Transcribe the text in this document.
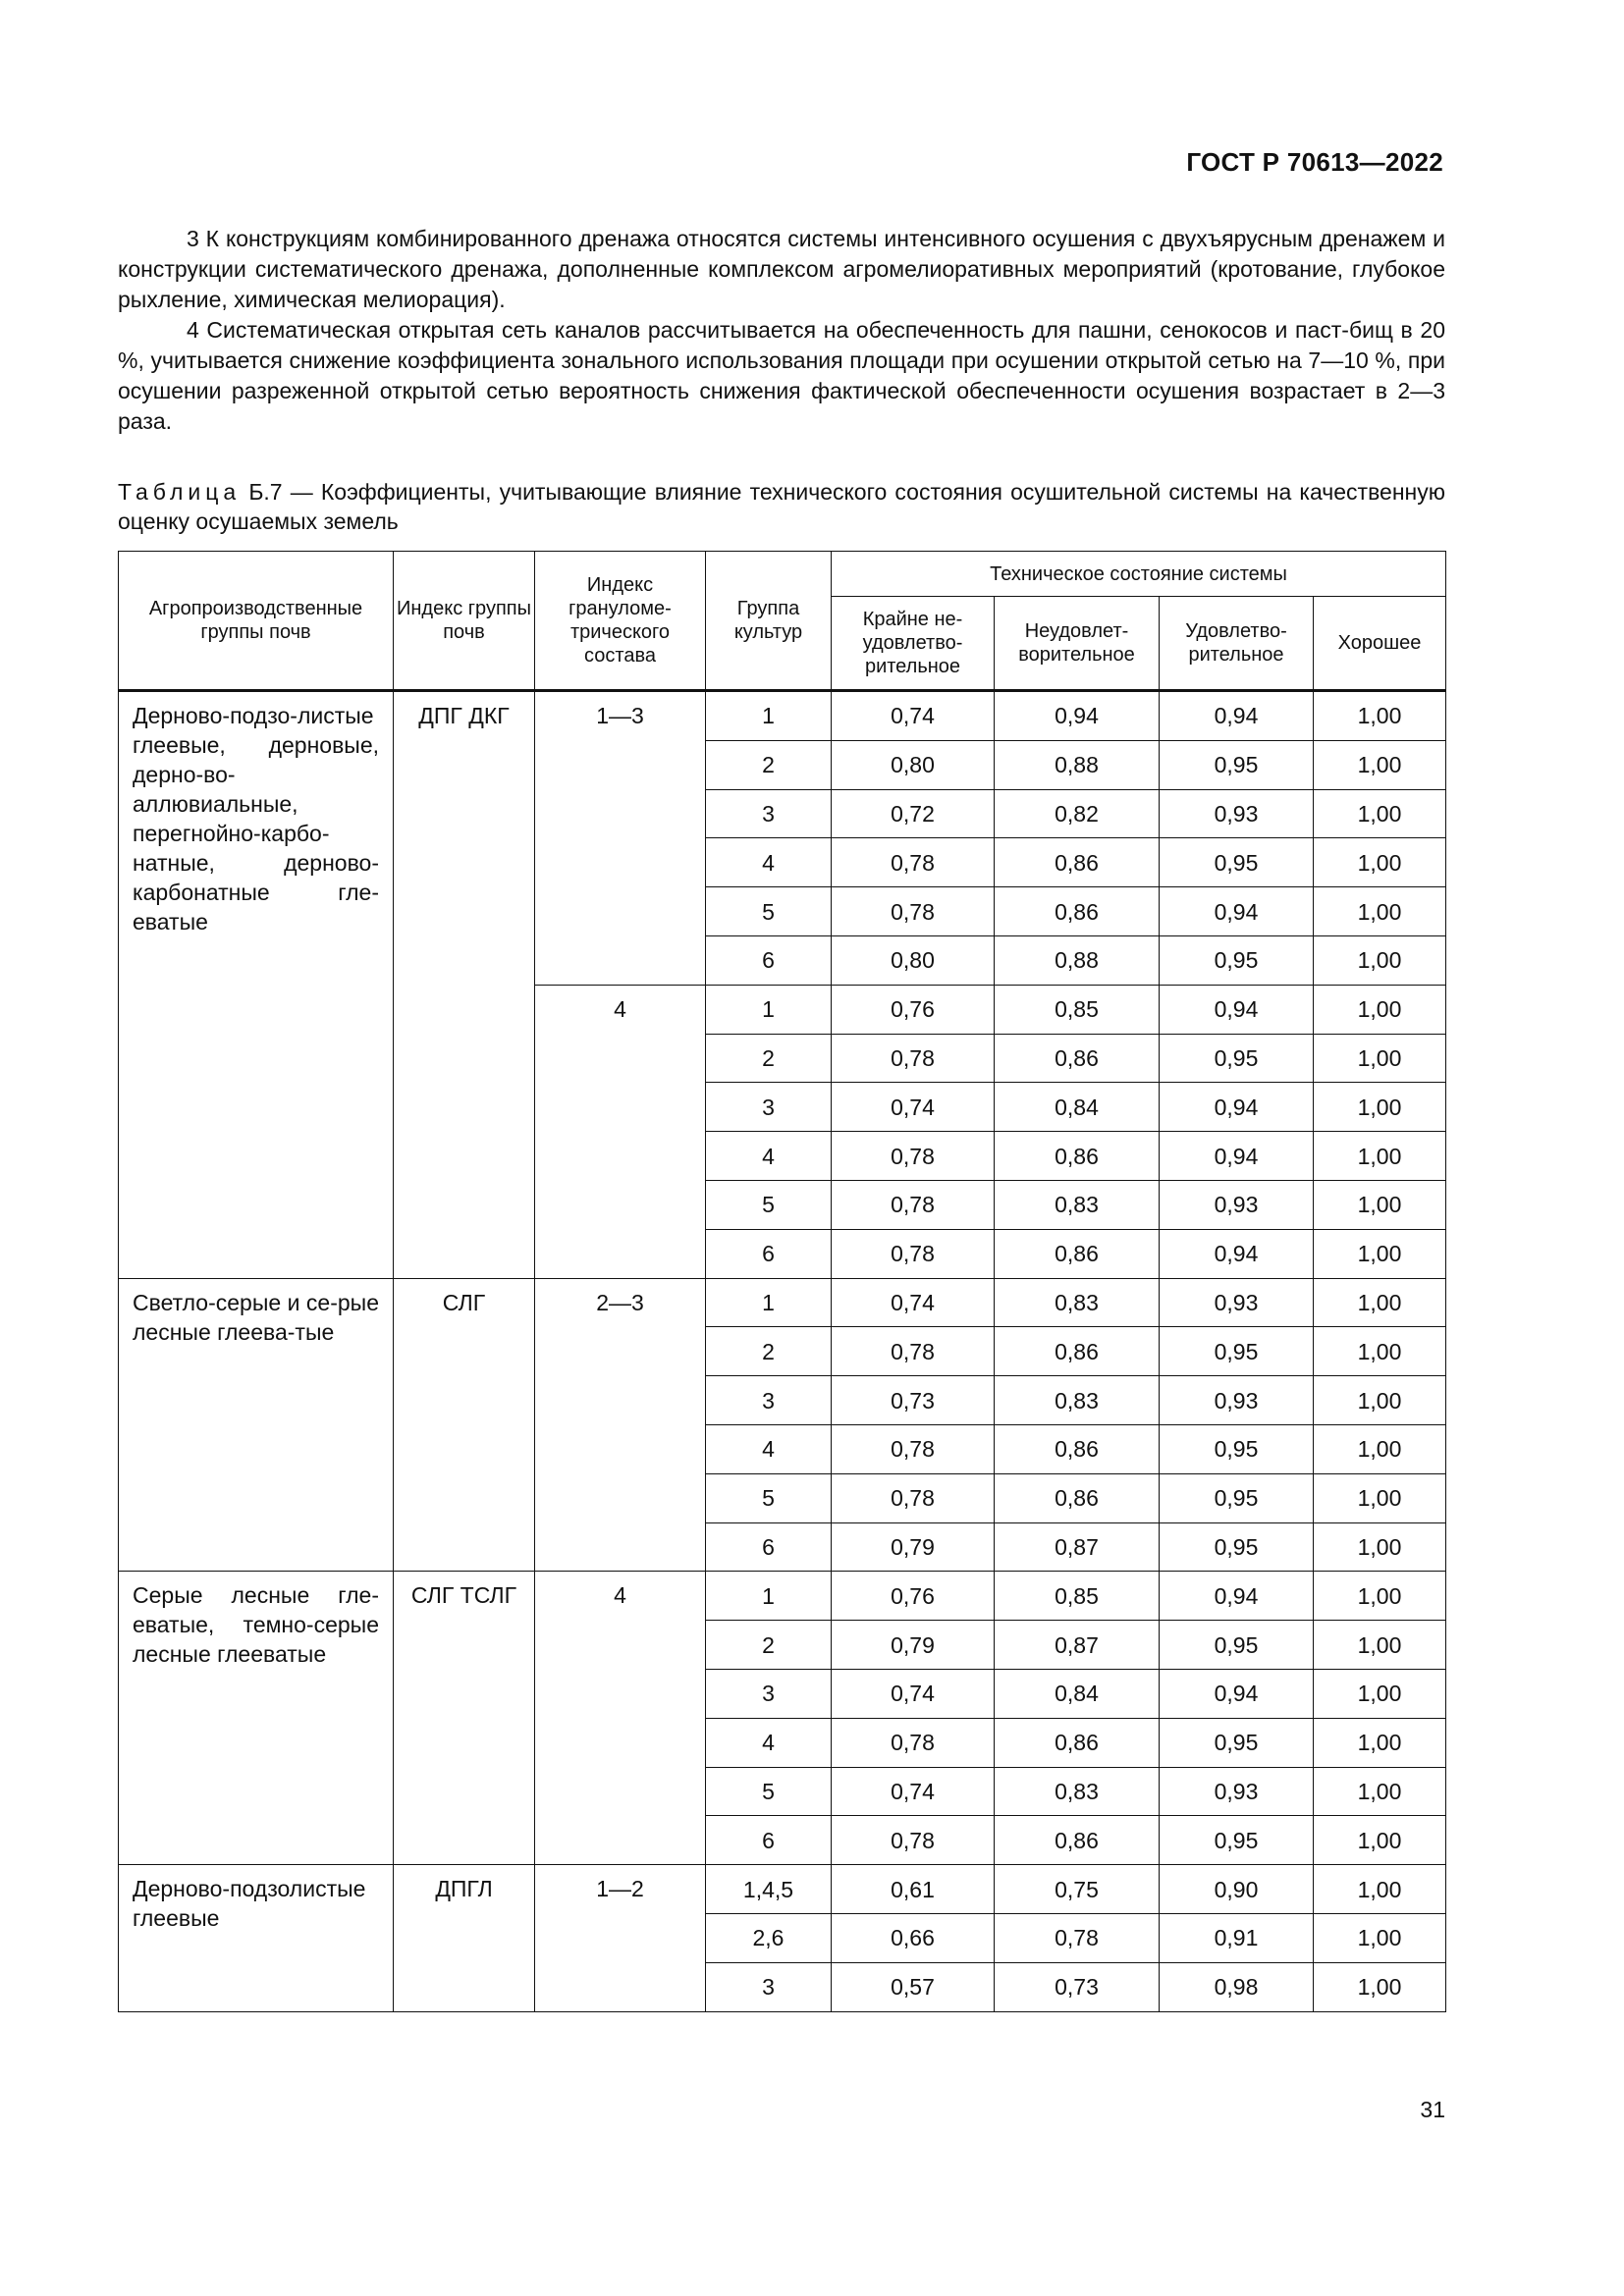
ГОСТ Р 70613—2022

3 К конструкциям комбинированного дренажа относятся системы интенсивного осушения с двухъярусным дренажем и конструкции систематического дренажа, дополненные комплексом агромелиоративных мероприятий (кротование, глубокое рыхление, химическая мелиорация).

4 Систематическая открытая сеть каналов рассчитывается на обеспеченность для пашни, сенокосов и паст-бищ в 20 %, учитывается снижение коэффициента зонального использования площади при осушении открытой сетью на 7—10 %, при осушении разреженной открытой сетью вероятность снижения фактической обеспеченности осушения возрастает в 2—3 раза.

Таблица Б.7 — Коэффициенты, учитывающие влияние технического состояния осушительной системы на качественную оценку осушаемых земель
Агропроизводственные группы почв	Индекс группы почв	Индекс грануломе-трического состава	Группа культур	Техническое состояние системы			
				Крайне не-удовлетво-рительное	Неудовлет-ворительное	Удовлетво-рительное	Хорошее
Дерново-подзо-листые глеевые, дерновые, дерно-во-аллювиальные, перегнойно-карбо-натные, дерново-карбонатные гле-еватые	ДПГ ДКГ	1—3	1	0,74	0,94	0,94	1,00
			2	0,80	0,88	0,95	1,00
			3	0,72	0,82	0,93	1,00
			4	0,78	0,86	0,95	1,00
			5	0,78	0,86	0,94	1,00
			6	0,80	0,88	0,95	1,00
		4	1	0,76	0,85	0,94	1,00
			2	0,78	0,86	0,95	1,00
			3	0,74	0,84	0,94	1,00
			4	0,78	0,86	0,94	1,00
			5	0,78	0,83	0,93	1,00
			6	0,78	0,86	0,94	1,00
Светло-серые и се-рые лесные глеева-тые	СЛГ	2—3	1	0,74	0,83	0,93	1,00
			2	0,78	0,86	0,95	1,00
			3	0,73	0,83	0,93	1,00
			4	0,78	0,86	0,95	1,00
			5	0,78	0,86	0,95	1,00
			6	0,79	0,87	0,95	1,00
Серые лесные гле-еватые, темно-серые лесные глееватые	СЛГ ТСЛГ	4	1	0,76	0,85	0,94	1,00
			2	0,79	0,87	0,95	1,00
			3	0,74	0,84	0,94	1,00
			4	0,78	0,86	0,95	1,00
			5	0,74	0,83	0,93	1,00
			6	0,78	0,86	0,95	1,00
Дерново-подзолистые глеевые	ДПГЛ	1—2	1,4,5	0,61	0,75	0,90	1,00
			2,6	0,66	0,78	0,91	1,00
			3	0,57	0,73	0,98	1,00
31
